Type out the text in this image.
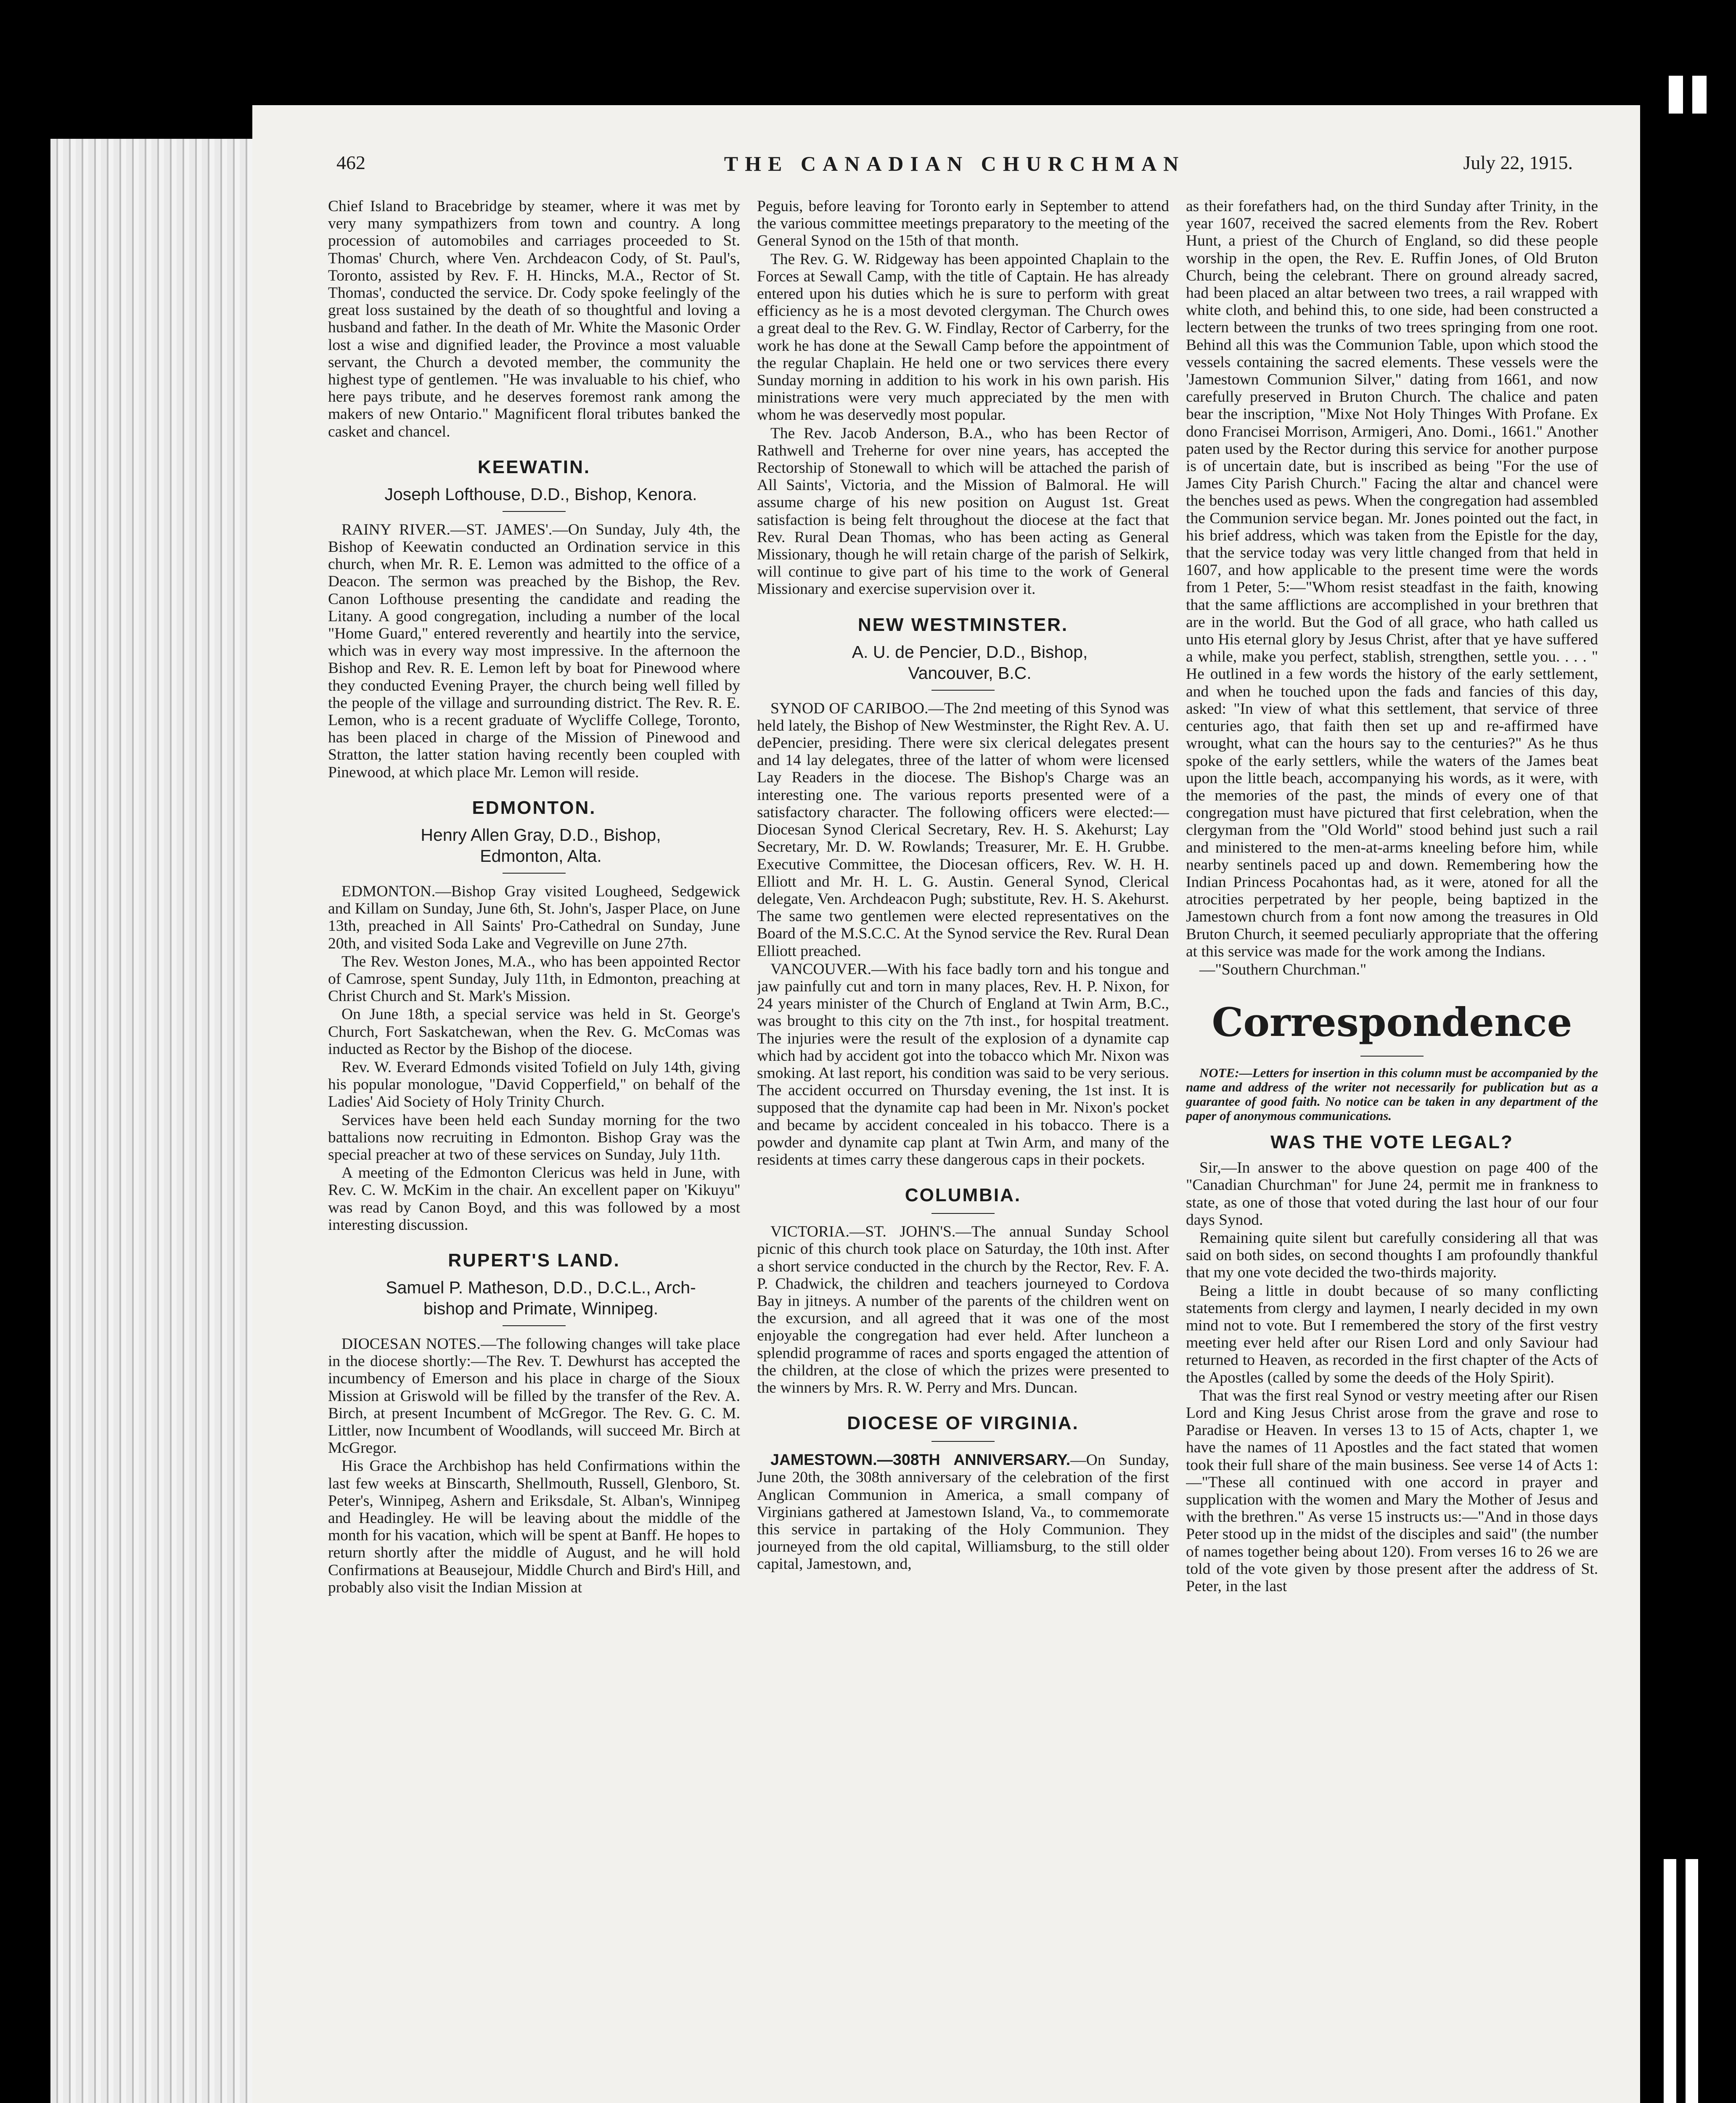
462	THE CANADIAN CHURCHMAN	July 22, 1915.

Chief Island to Bracebridge by steamer, where it was met by very many sympathizers from town and country. A long procession of automobiles and carriages proceeded to St. Thomas' Church, where Ven. Archdeacon Cody, of St. Paul's, Toronto, assisted by Rev. F. H. Hincks, M.A., Rector of St. Thomas', conducted the service. Dr. Cody spoke feelingly of the great loss sustained by the death of so thoughtful and loving a husband and father. In the death of Mr. White the Masonic Order lost a wise and dignified leader, the Province a most valuable servant, the Church a devoted member, the community the highest type of gentlemen. "He was invaluable to his chief, who here pays tribute, and he deserves foremost rank among the makers of new Ontario." Magnificent floral tributes banked the casket and chancel.

KEEWATIN.

Joseph Lofthouse, D.D., Bishop, Kenora.

RAINY RIVER.—ST. JAMES'.—On Sunday, July 4th, the Bishop of Keewatin conducted an Ordination service in this church, when Mr. R. E. Lemon was admitted to the office of a Deacon. The sermon was preached by the Bishop, the Rev. Canon Lofthouse presenting the candidate and reading the Litany. A good congregation, including a number of the local "Home Guard," entered reverently and heartily into the service, which was in every way most impressive. In the afternoon the Bishop and Rev. R. E. Lemon left by boat for Pinewood where they conducted Evening Prayer, the church being well filled by the people of the village and surrounding district. The Rev. R. E. Lemon, who is a recent graduate of Wycliffe College, Toronto, has been placed in charge of the Mission of Pinewood and Stratton, the latter station having recently been coupled with Pinewood, at which place Mr. Lemon will reside.

EDMONTON.

Henry Allen Gray, D.D., Bishop,

Edmonton, Alta.

EDMONTON.—Bishop Gray visited Lougheed, Sedgewick and Killam on Sunday, June 6th, St. John's, Jasper Place, on June 13th, preached in All Saints' Pro-Cathedral on Sunday, June 20th, and visited Soda Lake and Vegreville on June 27th.

The Rev. Weston Jones, M.A., who has been appointed Rector of Camrose, spent Sunday, July 11th, in Edmonton, preaching at Christ Church and St. Mark's Mission.

On June 18th, a special service was held in St. George's Church, Fort Saskatchewan, when the Rev. G. McComas was inducted as Rector by the Bishop of the diocese.

Rev. W. Everard Edmonds visited Tofield on July 14th, giving his popular monologue, "David Copperfield," on behalf of the Ladies' Aid Society of Holy Trinity Church.

Services have been held each Sunday morning for the two battalions now recruiting in Edmonton. Bishop Gray was the special preacher at two of these services on Sunday, July 11th.

A meeting of the Edmonton Clericus was held in June, with Rev. C. W. McKim in the chair. An excellent paper on 'Kikuyu'' was read by Canon Boyd, and this was followed by a most interesting discussion.

RUPERT'S LAND.

Samuel P. Matheson, D.D., D.C.L., Arch-

bishop and Primate, Winnipeg.

DIOCESAN NOTES.—The following changes will take place in the diocese shortly:—The Rev. T. Dewhurst has accepted the incumbency of Emerson and his place in charge of the Sioux Mission at Griswold will be filled by the transfer of the Rev. A. Birch, at present Incumbent of McGregor. The Rev. G. C. M. Littler, now Incumbent of Woodlands, will succeed Mr. Birch at McGregor.

His Grace the Archbishop has held Confirmations within the last few weeks at Binscarth, Shellmouth, Russell, Glenboro, St. Peter's, Winnipeg, Ashern and Eriksdale, St. Alban's, Winnipeg and Headingley. He will be leaving about the middle of the month for his vacation, which will be spent at Banff. He hopes to return shortly after the middle of August, and he will hold Confirmations at Beausejour, Middle Church and Bird's Hill, and probably also visit the Indian Mission at

Peguis, before leaving for Toronto early in September to attend the various committee meetings preparatory to the meeting of the General Synod on the 15th of that month.

The Rev. G. W. Ridgeway has been appointed Chaplain to the Forces at Sewall Camp, with the title of Captain. He has already entered upon his duties which he is sure to perform with great efficiency as he is a most devoted clergyman. The Church owes a great deal to the Rev. G. W. Findlay, Rector of Carberry, for the work he has done at the Sewall Camp before the appointment of the regular Chaplain. He held one or two services there every Sunday morning in addition to his work in his own parish. His ministrations were very much appreciated by the men with whom he was deservedly most popular.

The Rev. Jacob Anderson, B.A., who has been Rector of Rathwell and Treherne for over nine years, has accepted the Rectorship of Stonewall to which will be attached the parish of All Saints', Victoria, and the Mission of Balmoral. He will assume charge of his new position on August 1st. Great satisfaction is being felt throughout the diocese at the fact that Rev. Rural Dean Thomas, who has been acting as General Missionary, though he will retain charge of the parish of Selkirk, will continue to give part of his time to the work of General Missionary and exercise supervision over it.

NEW WESTMINSTER.

A. U. de Pencier, D.D., Bishop,

Vancouver, B.C.

SYNOD OF CARIBOO.—The 2nd meeting of this Synod was held lately, the Bishop of New Westminster, the Right Rev. A. U. dePencier, presiding. There were six clerical delegates present and 14 lay delegates, three of the latter of whom were licensed Lay Readers in the diocese. The Bishop's Charge was an interesting one. The various reports presented were of a satisfactory character. The following officers were elected:—Diocesan Synod Clerical Secretary, Rev. H. S. Akehurst; Lay Secretary, Mr. D. W. Rowlands; Treasurer, Mr. E. H. Grubbe. Executive Committee, the Diocesan officers, Rev. W. H. H. Elliott and Mr. H. L. G. Austin. General Synod, Clerical delegate, Ven. Archdeacon Pugh; substitute, Rev. H. S. Akehurst. The same two gentlemen were elected representatives on the Board of the M.S.C.C. At the Synod service the Rev. Rural Dean Elliott preached.

VANCOUVER.—With his face badly torn and his tongue and jaw painfully cut and torn in many places, Rev. H. P. Nixon, for 24 years minister of the Church of England at Twin Arm, B.C., was brought to this city on the 7th inst., for hospital treatment. The injuries were the result of the explosion of a dynamite cap which had by accident got into the tobacco which Mr. Nixon was smoking. At last report, his condition was said to be very serious. The accident occurred on Thursday evening, the 1st inst. It is supposed that the dynamite cap had been in Mr. Nixon's pocket and became by accident concealed in his tobacco. There is a powder and dynamite cap plant at Twin Arm, and many of the residents at times carry these dangerous caps in their pockets.

COLUMBIA.

VICTORIA.—ST. JOHN'S.—The annual Sunday School picnic of this church took place on Saturday, the 10th inst. After a short service conducted in the church by the Rector, Rev. F. A. P. Chadwick, the children and teachers journeyed to Cordova Bay in jitneys. A number of the parents of the children went on the excursion, and all agreed that it was one of the most enjoyable the congregation had ever held. After luncheon a splendid programme of races and sports engaged the attention of the children, at the close of which the prizes were presented to the winners by Mrs. R. W. Perry and Mrs. Duncan.

DIOCESE OF VIRGINIA.

JAMESTOWN.—308TH ANNIVERSARY.—On Sunday, June 20th, the 308th anniversary of the celebration of the first Anglican Communion in America, a small company of Virginians gathered at Jamestown Island, Va., to commemorate this service in partaking of the Holy Communion. They journeyed from the old capital, Williamsburg, to the still older capital, Jamestown, and,

as their forefathers had, on the third Sunday after Trinity, in the year 1607, received the sacred elements from the Rev. Robert Hunt, a priest of the Church of England, so did these people worship in the open, the Rev. E. Ruffin Jones, of Old Bruton Church, being the celebrant. There on ground already sacred, had been placed an altar between two trees, a rail wrapped with white cloth, and behind this, to one side, had been constructed a lectern between the trunks of two trees springing from one root. Behind all this was the Communion Table, upon which stood the vessels containing the sacred elements. These vessels were the 'Jamestown Communion Silver," dating from 1661, and now carefully preserved in Bruton Church. The chalice and paten bear the inscription, "Mixe Not Holy Thinges With Profane. Ex dono Francisei Morrison, Armigeri, Ano. Domi., 1661." Another paten used by the Rector during this service for another purpose is of uncertain date, but is inscribed as being "For the use of James City Parish Church." Facing the altar and chancel were the benches used as pews. When the congregation had assembled the Communion service began. Mr. Jones pointed out the fact, in his brief address, which was taken from the Epistle for the day, that the service today was very little changed from that held in 1607, and how applicable to the present time were the words from 1 Peter, 5:—"Whom resist steadfast in the faith, knowing that the same afflictions are accomplished in your brethren that are in the world. But the God of all grace, who hath called us unto His eternal glory by Jesus Christ, after that ye have suffered a while, make you perfect, stablish, strengthen, settle you. . . . " He outlined in a few words the history of the early settlement, and when he touched upon the fads and fancies of this day, asked: "In view of what this settlement, that service of three centuries ago, that faith then set up and re-affirmed have wrought, what can the hours say to the centuries?" As he thus spoke of the early settlers, while the waters of the James beat upon the little beach, accompanying his words, as it were, with the memories of the past, the minds of every one of that congregation must have pictured that first celebration, when the clergyman from the "Old World" stood behind just such a rail and ministered to the men-at-arms kneeling before him, while nearby sentinels paced up and down. Remembering how the Indian Princess Pocahontas had, as it were, atoned for all the atrocities perpetrated by her people, being baptized in the Jamestown church from a font now among the treasures in Old Bruton Church, it seemed peculiarly appropriate that the offering at this service was made for the work among the Indians.

—"Southern Churchman."

Correspondence

NOTE:—Letters for insertion in this column must be accompanied by the name and address of the writer not necessarily for publication but as a guarantee of good faith. No notice can be taken in any department of the paper of anonymous communications.

WAS THE VOTE LEGAL?

Sir,—In answer to the above question on page 400 of the "Canadian Churchman" for June 24, permit me in frankness to state, as one of those that voted during the last hour of our four days Synod.

Remaining quite silent but carefully considering all that was said on both sides, on second thoughts I am profoundly thankful that my one vote decided the two-thirds majority.

Being a little in doubt because of so many conflicting statements from clergy and laymen, I nearly decided in my own mind not to vote. But I remembered the story of the first vestry meeting ever held after our Risen Lord and only Saviour had returned to Heaven, as recorded in the first chapter of the Acts of the Apostles (called by some the deeds of the Holy Spirit).

That was the first real Synod or vestry meeting after our Risen Lord and King Jesus Christ arose from the grave and rose to Paradise or Heaven. In verses 13 to 15 of Acts, chapter 1, we have the names of 11 Apostles and the fact stated that women took their full share of the main business. See verse 14 of Acts 1:—"These all continued with one accord in prayer and supplication with the women and Mary the Mother of Jesus and with the brethren." As verse 15 instructs us:—"And in those days Peter stood up in the midst of the disciples and said" (the number of names together being about 120). From verses 16 to 26 we are told of the vote given by those present after the address of St. Peter, in the last
